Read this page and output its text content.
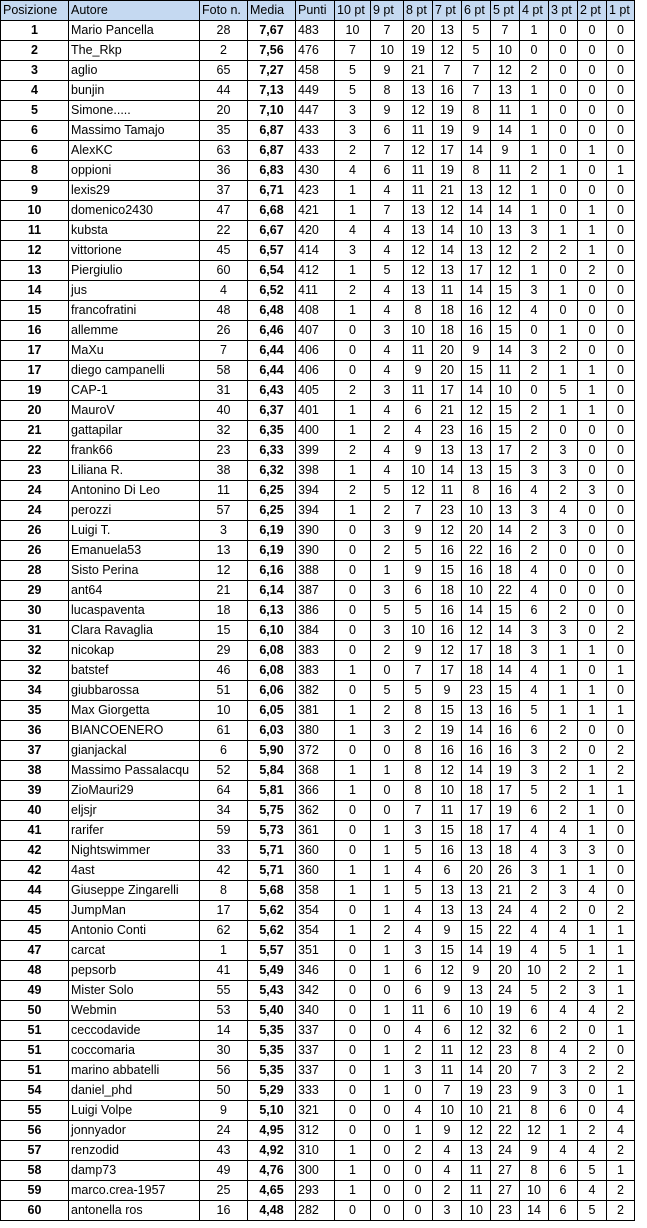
Posizione	Autore	Foto n.	Media	Punti	10 pt	9 pt	8 pt	7 pt	6 pt	5 pt	4 pt	3 pt	2 pt	1 pt
1	Mario Pancella	28	7,67	483	10	7	20	13	5	7	1	0	0	0
2	The_Rkp	2	7,56	476	7	10	19	12	5	10	0	0	0	0
3	aglio	65	7,27	458	5	9	21	7	7	12	2	0	0	0
4	bunjin	44	7,13	449	5	8	13	16	7	13	1	0	0	0
5	Simone.....	20	7,10	447	3	9	12	19	8	11	1	0	0	0
6	Massimo Tamajo	35	6,87	433	3	6	11	19	9	14	1	0	0	0
6	AlexKC	63	6,87	433	2	7	12	17	14	9	1	0	1	0
8	oppioni	36	6,83	430	4	6	11	19	8	11	2	1	0	1
9	lexis29	37	6,71	423	1	4	11	21	13	12	1	0	0	0
10	domenico2430	47	6,68	421	1	7	13	12	14	14	1	0	1	0
11	kubsta	22	6,67	420	4	4	13	14	10	13	3	1	1	0
12	vittorione	45	6,57	414	3	4	12	14	13	12	2	2	1	0
13	Piergiulio	60	6,54	412	1	5	12	13	17	12	1	0	2	0
14	jus	4	6,52	411	2	4	13	11	14	15	3	1	0	0
15	francofratini	48	6,48	408	1	4	8	18	16	12	4	0	0	0
16	allemme	26	6,46	407	0	3	10	18	16	15	0	1	0	0
17	MaXu	7	6,44	406	0	4	11	20	9	14	3	2	0	0
17	diego campanelli	58	6,44	406	0	4	9	20	15	11	2	1	1	0
19	CAP-1	31	6,43	405	2	3	11	17	14	10	0	5	1	0
20	MauroV	40	6,37	401	1	4	6	21	12	15	2	1	1	0
21	gattapilar	32	6,35	400	1	2	4	23	16	15	2	0	0	0
22	frank66	23	6,33	399	2	4	9	13	13	17	2	3	0	0
23	Liliana R.	38	6,32	398	1	4	10	14	13	15	3	3	0	0
24	Antonino Di Leo	11	6,25	394	2	5	12	11	8	16	4	2	3	0
24	perozzi	57	6,25	394	1	2	7	23	10	13	3	4	0	0
26	Luigi T.	3	6,19	390	0	3	9	12	20	14	2	3	0	0
26	Emanuela53	13	6,19	390	0	2	5	16	22	16	2	0	0	0
28	Sisto Perina	12	6,16	388	0	1	9	15	16	18	4	0	0	0
29	ant64	21	6,14	387	0	3	6	18	10	22	4	0	0	0
30	lucaspaventa	18	6,13	386	0	5	5	16	14	15	6	2	0	0
31	Clara Ravaglia	15	6,10	384	0	3	10	16	12	14	3	3	0	2
32	nicokap	29	6,08	383	0	2	9	12	17	18	3	1	1	0
32	batstef	46	6,08	383	1	0	7	17	18	14	4	1	0	1
34	giubbarossa	51	6,06	382	0	5	5	9	23	15	4	1	1	0
35	Max Giorgetta	10	6,05	381	1	2	8	15	13	16	5	1	1	1
36	BIANCOENERO	61	6,03	380	1	3	2	19	14	16	6	2	0	0
37	gianjackal	6	5,90	372	0	0	8	16	16	16	3	2	0	2
38	Massimo Passalacqu	52	5,84	368	1	1	8	12	14	19	3	2	1	2
39	ZioMauri29	64	5,81	366	1	0	8	10	18	17	5	2	1	1
40	eljsjr	34	5,75	362	0	0	7	11	17	19	6	2	1	0
41	rarifer	59	5,73	361	0	1	3	15	18	17	4	4	1	0
42	Nightswimmer	33	5,71	360	0	1	5	16	13	18	4	3	3	0
42	4ast	42	5,71	360	1	1	4	6	20	26	3	1	1	0
44	Giuseppe Zingarelli	8	5,68	358	1	1	5	13	13	21	2	3	4	0
45	JumpMan	17	5,62	354	0	1	4	13	13	24	4	2	0	2
45	Antonio Conti	62	5,62	354	1	2	4	9	15	22	4	4	1	1
47	carcat	1	5,57	351	0	1	3	15	14	19	4	5	1	1
48	pepsorb	41	5,49	346	0	1	6	12	9	20	10	2	2	1
49	Mister Solo	55	5,43	342	0	0	6	9	13	24	5	2	3	1
50	Webmin	53	5,40	340	0	1	11	6	10	19	6	4	4	2
51	ceccodavide	14	5,35	337	0	0	4	6	12	32	6	2	0	1
51	coccomaria	30	5,35	337	0	1	2	11	12	23	8	4	2	0
51	marino abbatelli	56	5,35	337	0	1	3	11	14	20	7	3	2	2
54	daniel_phd	50	5,29	333	0	1	0	7	19	23	9	3	0	1
55	Luigi Volpe	9	5,10	321	0	0	4	10	10	21	8	6	0	4
56	jonnyador	24	4,95	312	0	0	1	9	12	22	12	1	2	4
57	renzodid	43	4,92	310	1	0	2	4	13	24	9	4	4	2
58	damp73	49	4,76	300	1	0	0	4	11	27	8	6	5	1
59	marco.crea-1957	25	4,65	293	1	0	0	2	11	27	10	6	4	2
60	antonella ros	16	4,48	282	0	0	0	3	10	23	14	6	5	2
